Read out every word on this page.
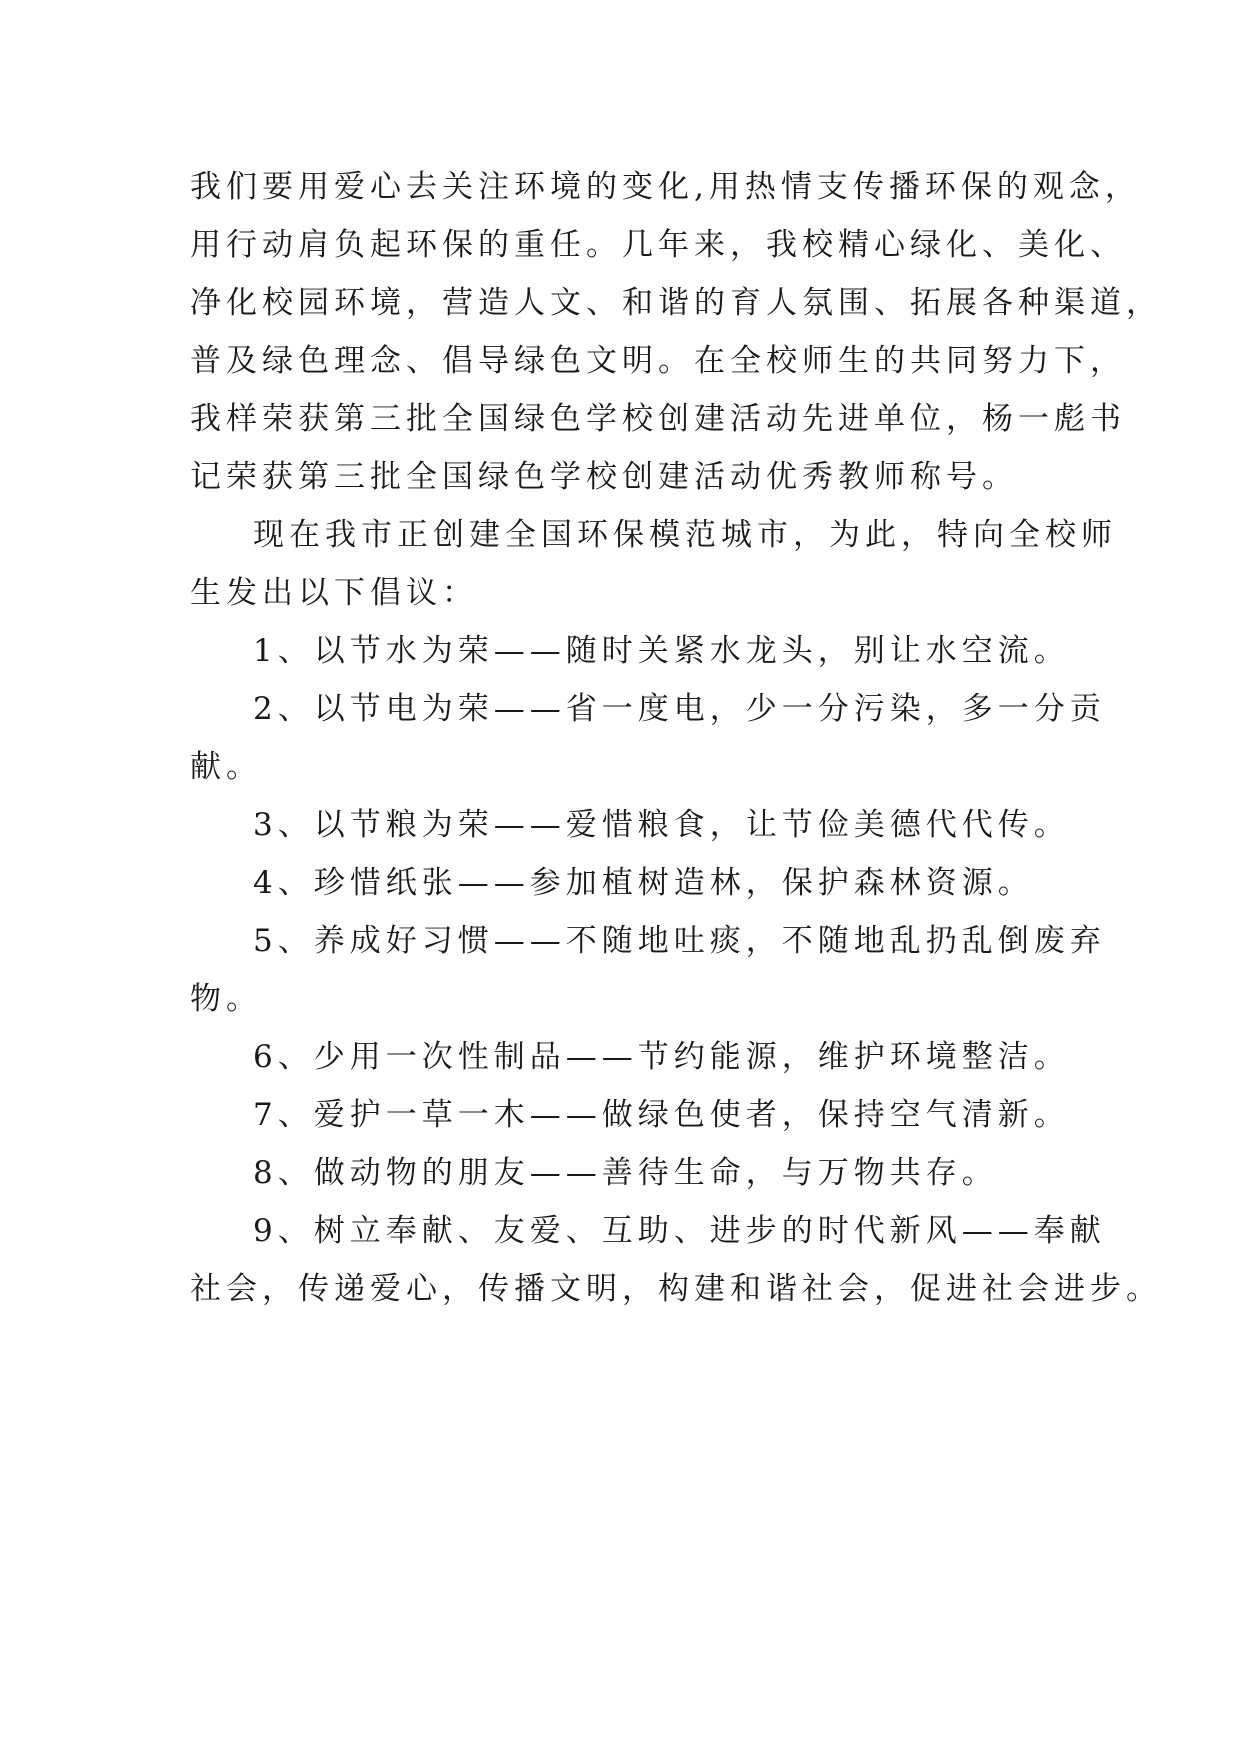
我们要用爱心去关注环境的变化,用热情支传播环保的观念，
用行动肩负起环保的重任。几年来，我校精心绿化、美化、
净化校园环境，营造人文、和谐的育人氛围、拓展各种渠道，
普及绿色理念、倡导绿色文明。在全校师生的共同努力下，
我样荣获第三批全国绿色学校创建活动先进单位，杨一彪书
记荣获第三批全国绿色学校创建活动优秀教师称号。
现在我市正创建全国环保模范城市，为此，特向全校师
生发出以下倡议：
1、以节水为荣——随时关紧水龙头，别让水空流。
2、以节电为荣——省一度电，少一分污染，多一分贡
献。
3、以节粮为荣——爱惜粮食，让节俭美德代代传。
4、珍惜纸张——参加植树造林，保护森林资源。
5、养成好习惯——不随地吐痰，不随地乱扔乱倒废弃
物。
6、少用一次性制品——节约能源，维护环境整洁。
7、爱护一草一木——做绿色使者，保持空气清新。
8、做动物的朋友——善待生命，与万物共存。
9、树立奉献、友爱、互助、进步的时代新风——奉献
社会，传递爱心，传播文明，构建和谐社会，促进社会进步。
